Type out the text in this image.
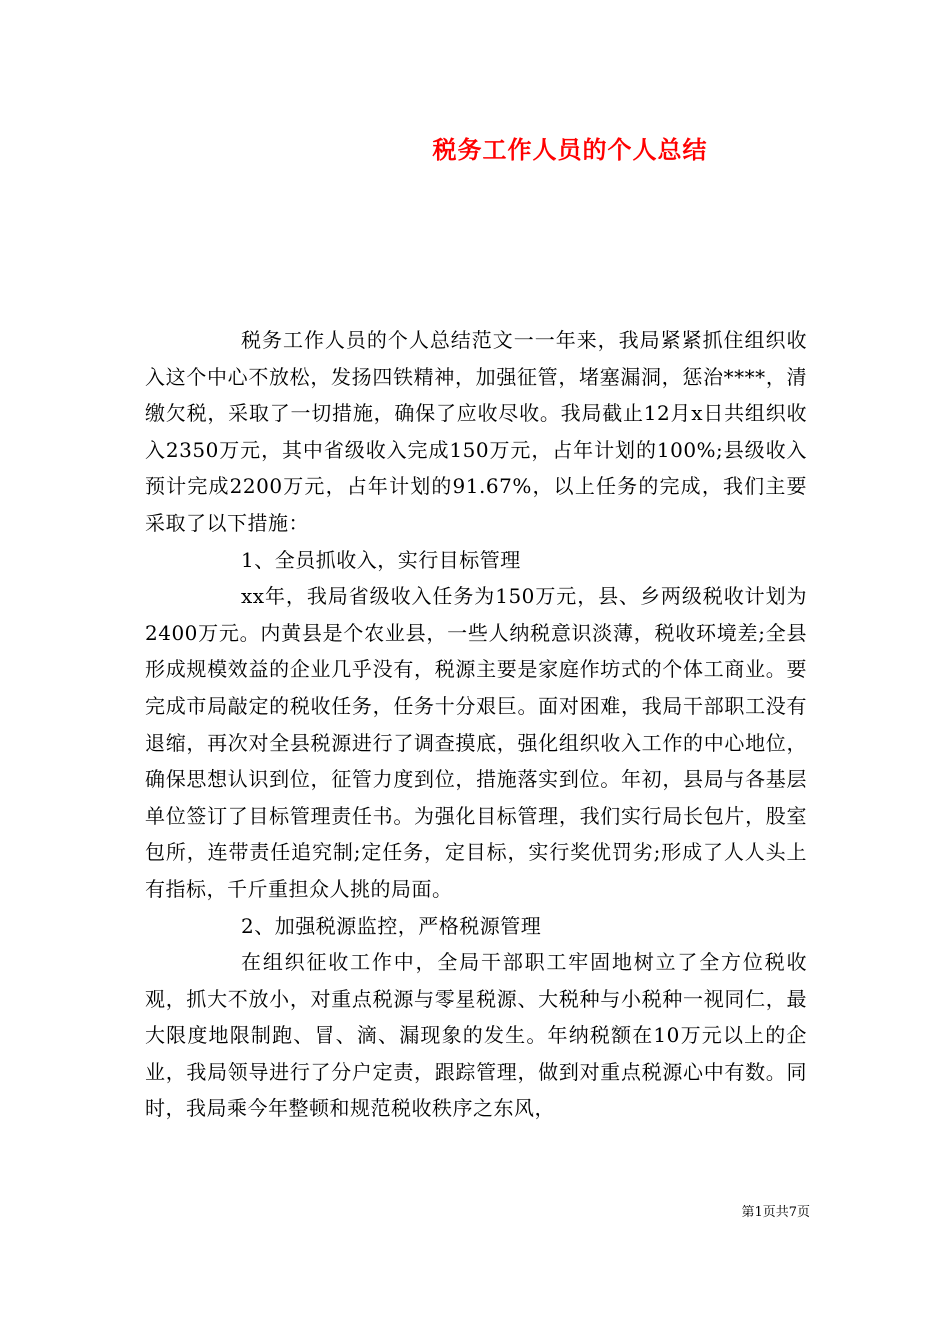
税务工作人员的个人总结

税务工作人员的个人总结范文一一年来，我局紧紧抓住组织收入这个中心不放松，发扬四铁精神，加强征管，堵塞漏洞，惩治****，清缴欠税，采取了一切措施，确保了应收尽收。我局截止12月x日共组织收入2350万元，其中省级收入完成150万元，占年计划的100%;县级收入预计完成2200万元，占年计划的91.67%，以上任务的完成，我们主要采取了以下措施：

1、全员抓收入，实行目标管理

xx年，我局省级收入任务为150万元，县、乡两级税收计划为2400万元。内黄县是个农业县，一些人纳税意识淡薄，税收环境差;全县形成规模效益的企业几乎没有，税源主要是家庭作坊式的个体工商业。要完成市局敲定的税收任务，任务十分艰巨。面对困难，我局干部职工没有退缩，再次对全县税源进行了调查摸底，强化组织收入工作的中心地位，确保思想认识到位，征管力度到位，措施落实到位。年初，县局与各基层单位签订了目标管理责任书。为强化目标管理，我们实行局长包片，股室包所，连带责任追究制;定任务，定目标，实行奖优罚劣;形成了人人头上有指标，千斤重担众人挑的局面。

2、加强税源监控，严格税源管理

在组织征收工作中，全局干部职工牢固地树立了全方位税收观，抓大不放小，对重点税源与零星税源、大税种与小税种一视同仁，最大限度地限制跑、冒、滴、漏现象的发生。年纳税额在10万元以上的企业，我局领导进行了分户定责，跟踪管理，做到对重点税源心中有数。同时，我局乘今年整顿和规范税收秩序之东风，

第1页共7页
